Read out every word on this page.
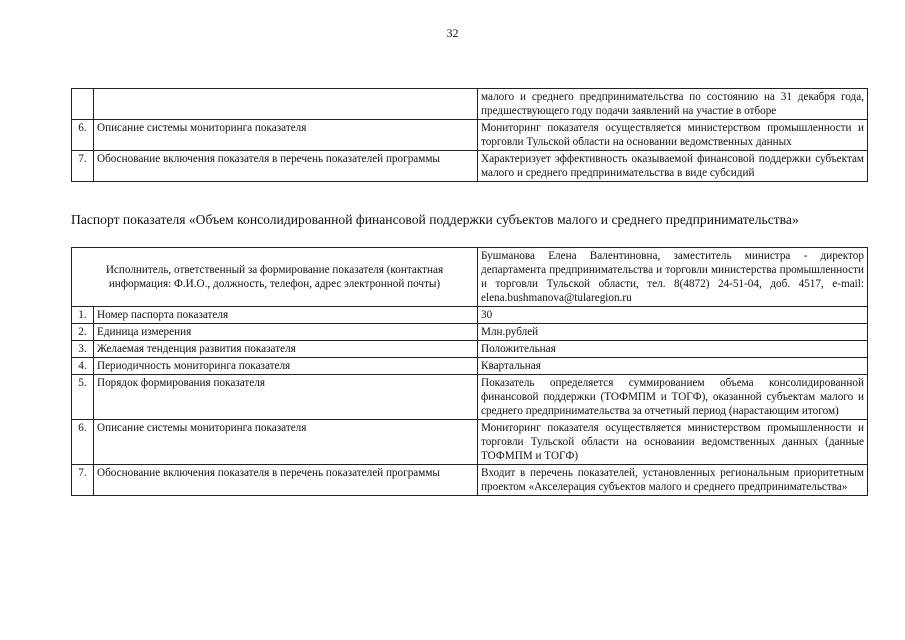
32
		малого и среднего предпринимательства по состоянию на 31 декабря года, предшествующего году подачи заявлений на участие в отборе
6.	Описание системы мониторинга показателя	Мониторинг показателя осуществляется министерством промышленности и торговли Тульской области на основании ведомственных данных
7.	Обоснование включения показателя в перечень показателей программы	Характеризует эффективность оказываемой финансовой поддержки субъектам малого и среднего предпринимательства в виде субсидий
Паспорт показателя «Объем консолидированной финансовой поддержки субъектов малого и среднего предпринимательства»
Исполнитель, ответственный за формирование показателя (контактная информация: Ф.И.О., должность, телефон, адрес электронной почты)		Бушманова Елена Валентиновна, заместитель министра - директор департамента предпринимательства и торговли министерства промышленности и торговли Тульской области, тел. 8(4872) 24-51-04, доб. 4517, e-mail: elena.bushmanova@tularegion.ru
1.	Номер паспорта показателя	30
2.	Единица измерения	Млн.рублей
3.	Желаемая тенденция развития показателя	Положительная
4.	Периодичность мониторинга показателя	Квартальная
5.	Порядок формирования показателя	Показатель определяется суммированием объема консолидированной финансовой поддержки (ТОФМПМ и ТОГФ), оказанной субъектам малого и среднего предпринимательства за отчетный период (нарастающим итогом)
6.	Описание системы мониторинга показателя	Мониторинг показателя осуществляется министерством промышленности и торговли Тульской области на основании ведомственных данных (данные ТОФМПМ и ТОГФ)
7.	Обоснование включения показателя в перечень показателей программы	Входит в перечень показателей, установленных региональным приоритетным проектом «Акселерация субъектов малого и среднего предпринимательства»
